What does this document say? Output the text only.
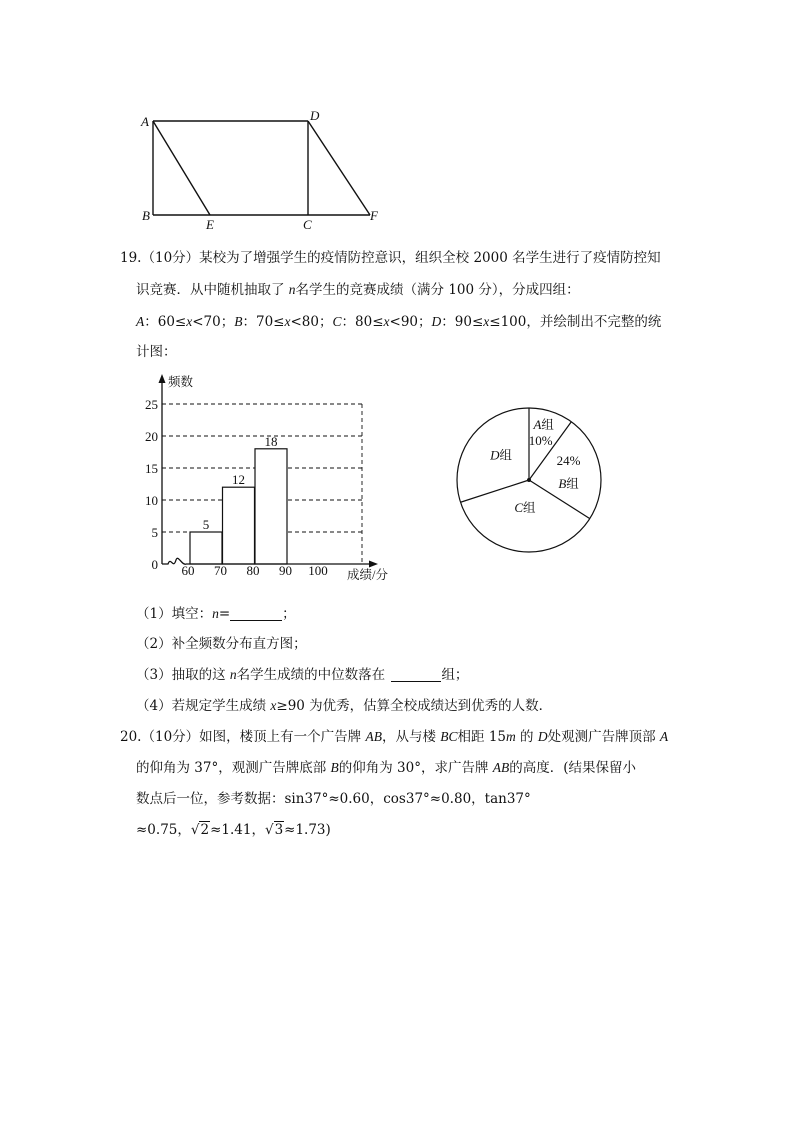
A	D
B
E	C
F
19.（10分）某校为了增强学生的疫情防控意识，组织全校 2000 名学生进行了疫情防控知
识竞赛．从中随机抽取了 n名学生的竞赛成绩（满分 100 分），分成四组：
A：60≤x<70；B：70≤x<80；C：80≤x<90；D：90≤x≤100，并绘制出不完整的统
计图：
频数
成绩/分
0
5
10
15
20
25
60 70 80 90 100
5
12
18
A组
10%
B组
24%
C组
D组
（1）填空：n=	；
（2）补全频数分布直方图；
（3）抽取的这 n名学生成绩的中位数落在	组；
（4）若规定学生成绩 x≥90 为优秀，估算全校成绩达到优秀的人数．
20.（10分）如图，楼顶上有一个广告牌 AB，从与楼 BC相距 15m 的 D处观测广告牌顶部 A
的仰角为 37°，观测广告牌底部 B的仰角为 30°，求广告牌 AB的高度．(结果保留小
数点后一位，参考数据：sin37°≈0.60，cos37°≈0.80，tan37°
≈0.75，√2≈1.41，√3≈1.73)
